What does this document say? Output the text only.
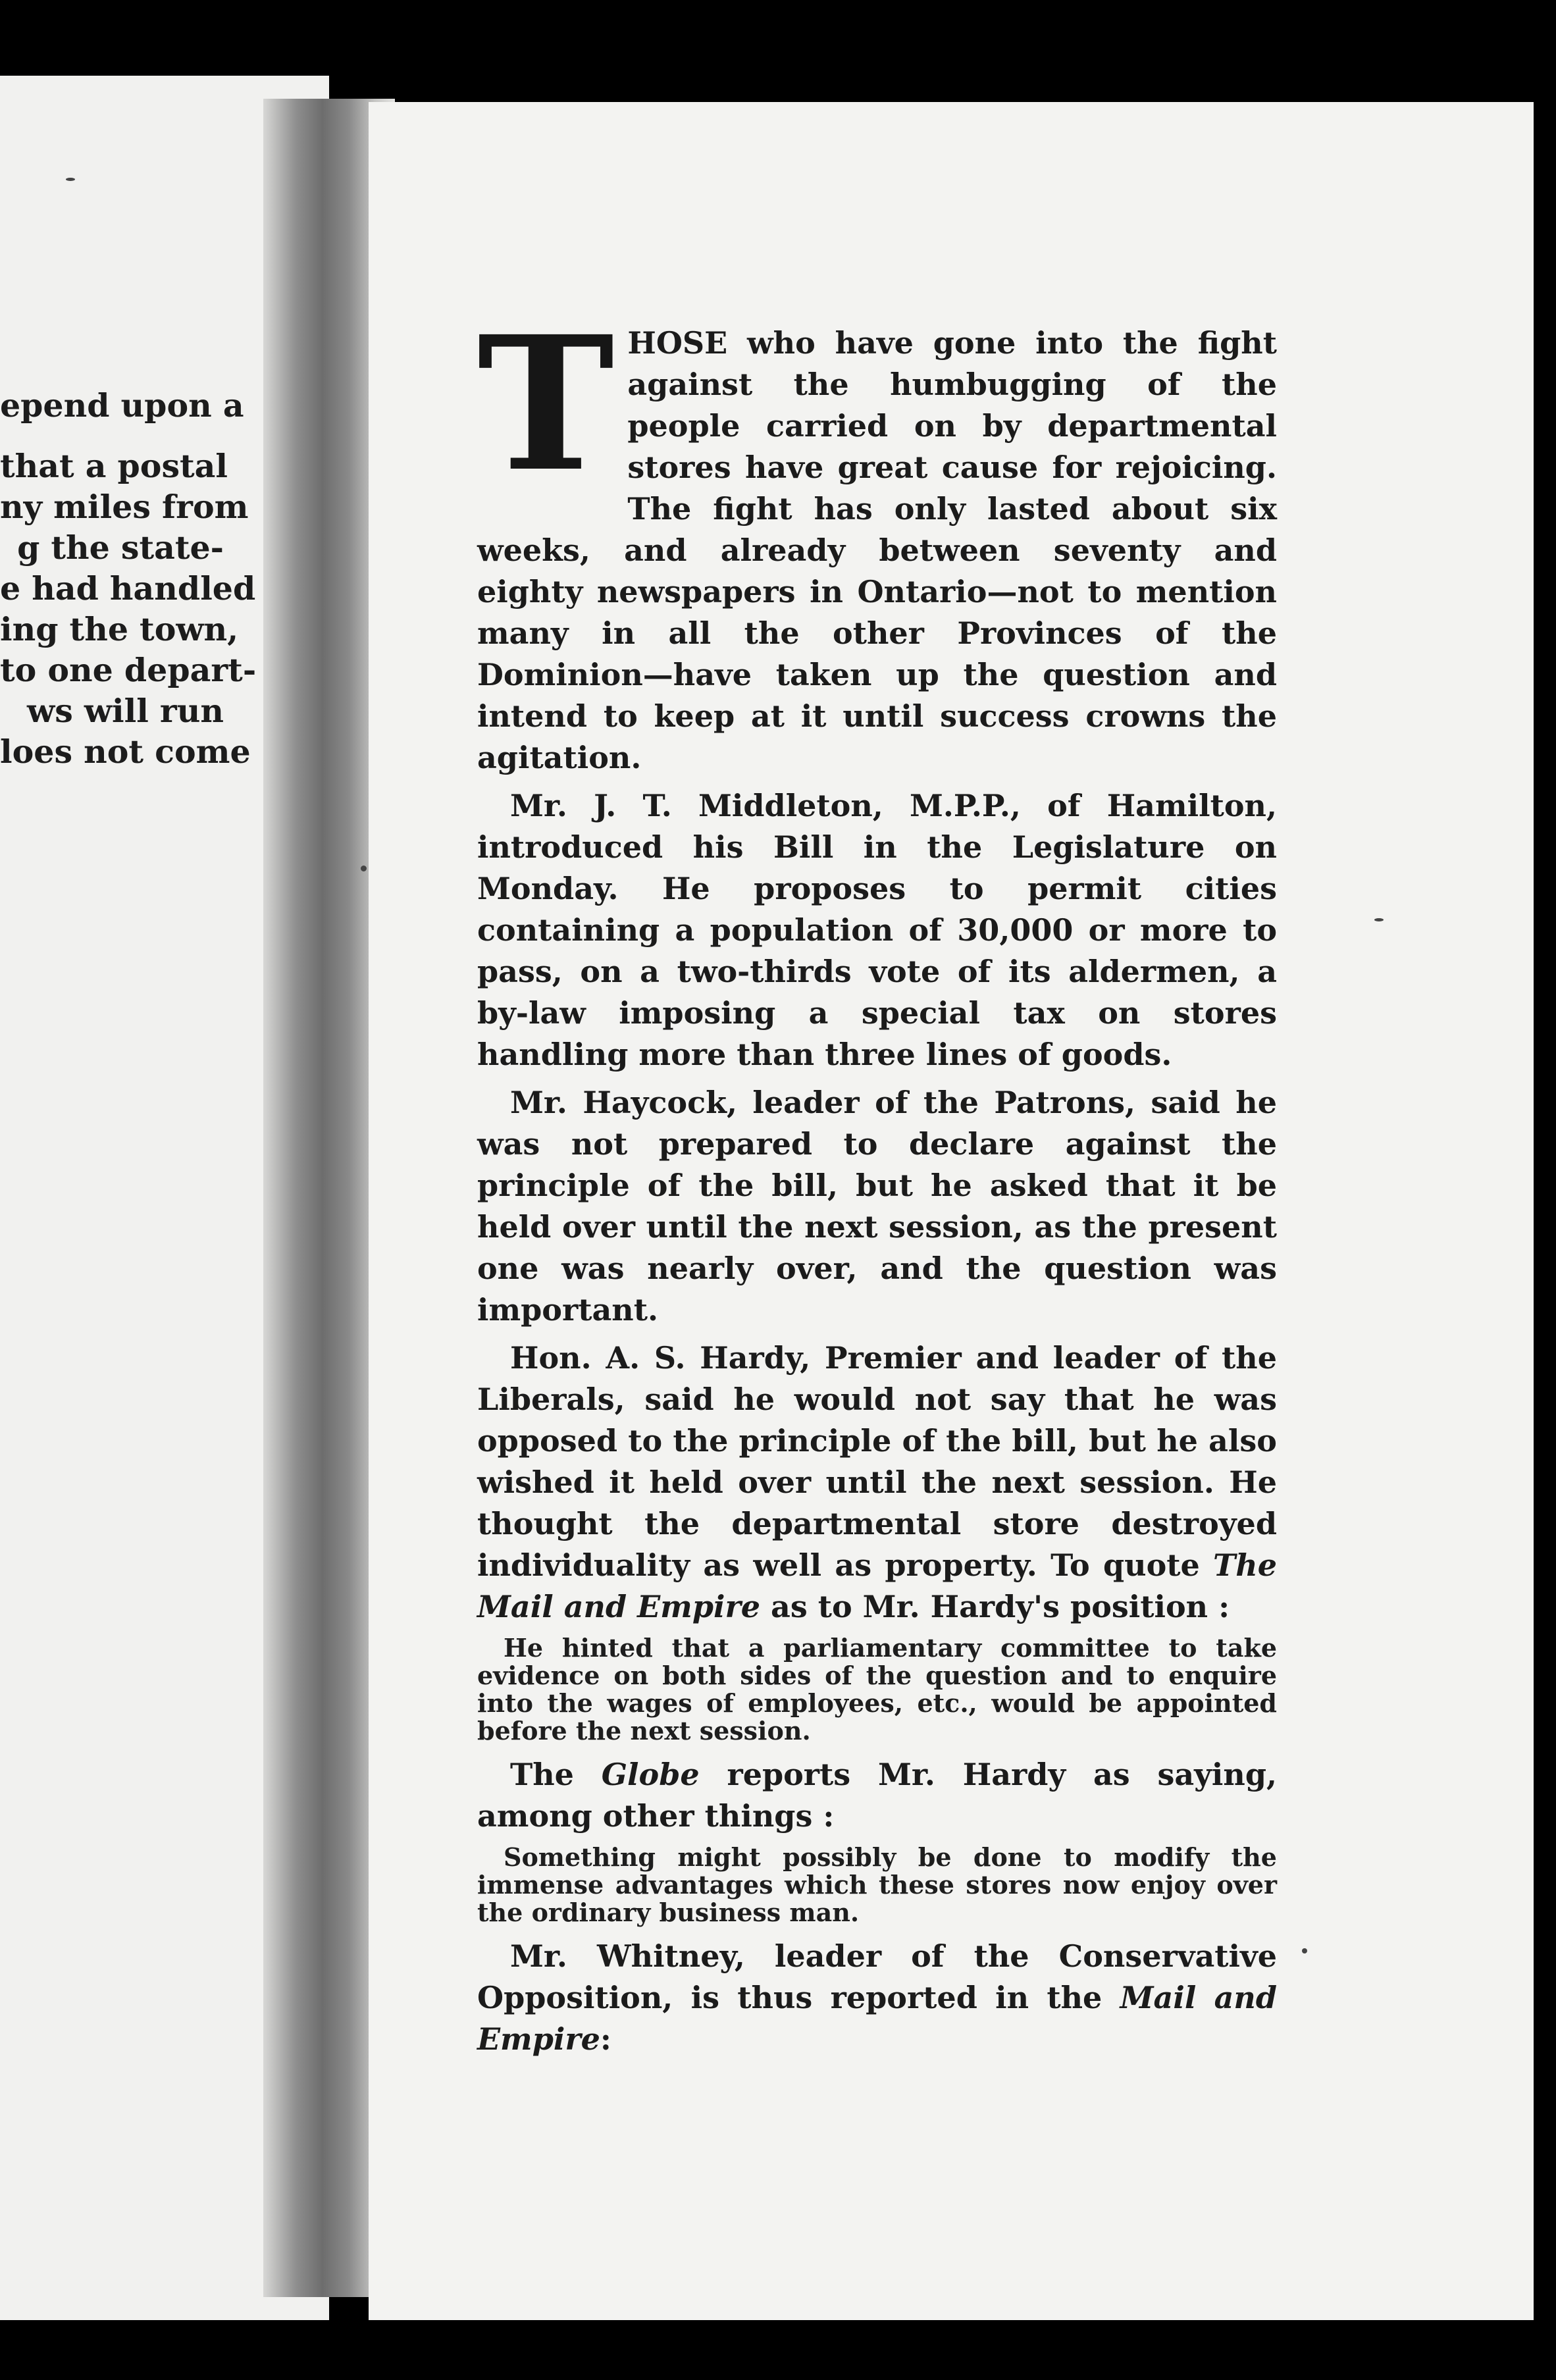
epend upon a
that a postal
ny miles from
g the state-
e had handled
ing the town,
to one depart-
ws will run
loes not come

THOSE who have gone into the fight against the humbugging of the people carried on by departmental stores have great cause for rejoicing. The fight has only lasted about six weeks, and already between seventy and eighty newspapers in Ontario—not to mention many in all the other Provinces of the Dominion—have taken up the question and intend to keep at it until success crowns the agitation.

Mr. J. T. Middleton, M.P.P., of Hamilton, introduced his Bill in the Legislature on Monday. He proposes to permit cities containing a population of 30,000 or more to pass, on a two-thirds vote of its aldermen, a by-law imposing a special tax on stores handling more than three lines of goods.

Mr. Haycock, leader of the Patrons, said he was not prepared to declare against the principle of the bill, but he asked that it be held over until the next session, as the present one was nearly over, and the question was important.

Hon. A. S. Hardy, Premier and leader of the Liberals, said he would not say that he was opposed to the principle of the bill, but he also wished it held over until the next session. He thought the departmental store destroyed individuality as well as property. To quote The Mail and Empire as to Mr. Hardy's position :

He hinted that a parliamentary committee to take evidence on both sides of the question and to enquire into the wages of employees, etc., would be appointed before the next session.

The Globe reports Mr. Hardy as saying, among other things :

Something might possibly be done to modify the immense advantages which these stores now enjoy over the ordinary business man.

Mr. Whitney, leader of the Conservative Opposition, is thus reported in the Mail and Empire:
